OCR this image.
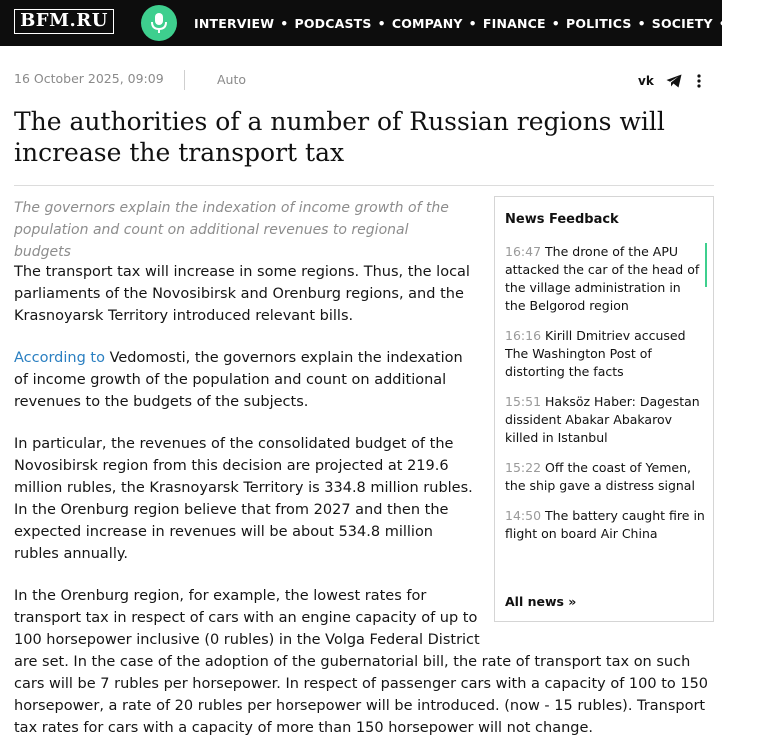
BFM.RU	INTERVIEW • PODCASTS • COMPANY • FINANCE • POLITICS • SOCIETY • LAW
16 October 2025, 09:09	Auto	vk
The authorities of a number of Russian regions will increase the transport tax

The governors explain the indexation of income growth of the population and count on additional revenues to regional budgets

The transport tax will increase in some regions. Thus, the local parliaments of the Novosibirsk and Orenburg regions, and the Krasnoyarsk Territory introduced relevant bills.

According to Vedomosti, the governors explain the indexation of income growth of the population and count on additional revenues to the budgets of the subjects.

In particular, the revenues of the consolidated budget of the Novosibirsk region from this decision are projected at 219.6 million rubles, the Krasnoyarsk Territory is 334.8 million rubles. In the Orenburg region believe that from 2027 and then the expected increase in revenues will be about 534.8 million rubles annually.

In the Orenburg region, for example, the lowest rates for
transport tax in respect of cars with an engine capacity of up to
100 horsepower inclusive (0 rubles) in the Volga Federal District
are set. In the case of the adoption of the gubernatorial bill, the rate of transport tax on such cars will be 7 rubles per horsepower. In respect of passenger cars with a capacity of 100 to 150 horsepower, a rate of 20 rubles per horsepower will be introduced. (now - 15 rubles). Transport tax rates for cars with a capacity of more than 150 horsepower will not change.

News Feedback
16:47 The drone of the APU attacked the car of the head of the village administration in the Belgorod region
16:16 Kirill Dmitriev accused The Washington Post of distorting the facts
15:51 Haksöz Haber: Dagestan dissident Abakar Abakarov killed in Istanbul
15:22 Off the coast of Yemen, the ship gave a distress signal
14:50 The battery caught fire in flight on board Air China
All news »
